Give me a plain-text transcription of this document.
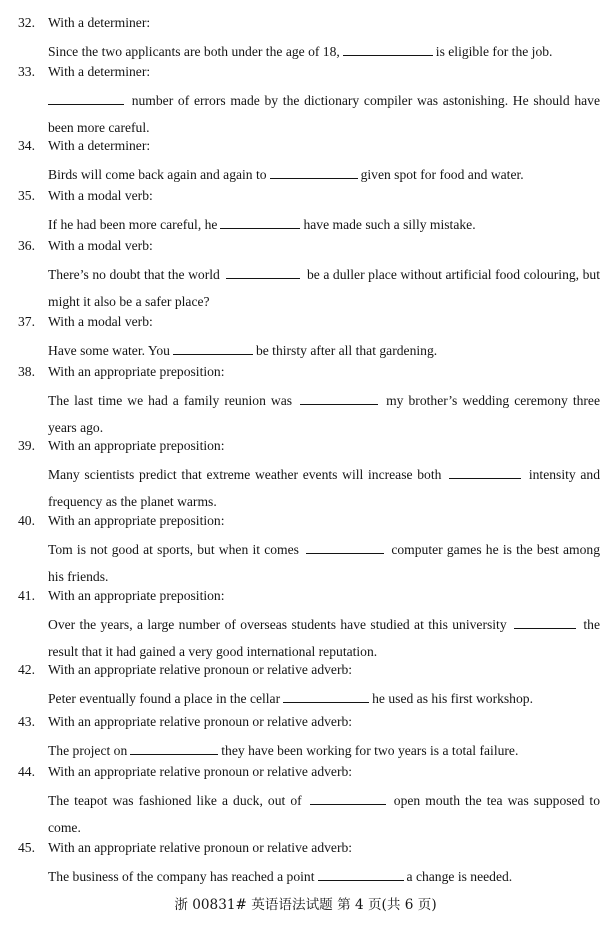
32. With a determiner:
Since the two applicants are both under the age of 18,	is eligible for the job.
33. With a determiner:
number of errors made by the dictionary compiler was astonishing. He should have been more careful.
34. With a determiner:
Birds will come back again and again to	given spot for food and water.
35. With a modal verb:
If he had been more careful, he	have made such a silly mistake.
36. With a modal verb:
There’s no doubt that the world	be a duller place without artificial food colouring, but might it also be a safer place?
37. With a modal verb:
Have some water. You	be thirsty after all that gardening.
38. With an appropriate preposition:
The last time we had a family reunion was	my brother’s wedding ceremony three years ago.
39. With an appropriate preposition:
Many scientists predict that extreme weather events will increase both	intensity and frequency as the planet warms.
40. With an appropriate preposition:
Tom is not good at sports, but when it comes	computer games he is the best among his friends.
41. With an appropriate preposition:
Over the years, a large number of overseas students have studied at this university	the result that it had gained a very good international reputation.
42. With an appropriate relative pronoun or relative adverb:
Peter eventually found a place in the cellar	he used as his first workshop.
43. With an appropriate relative pronoun or relative adverb:
The project on	they have been working for two years is a total failure.
44. With an appropriate relative pronoun or relative adverb:
The teapot was fashioned like a duck, out of	open mouth the tea was supposed to come.
45. With an appropriate relative pronoun or relative adverb:
The business of the company has reached a point	a change is needed.
浙 00831# 英语语法试题 第 4 页(共 6 页)
